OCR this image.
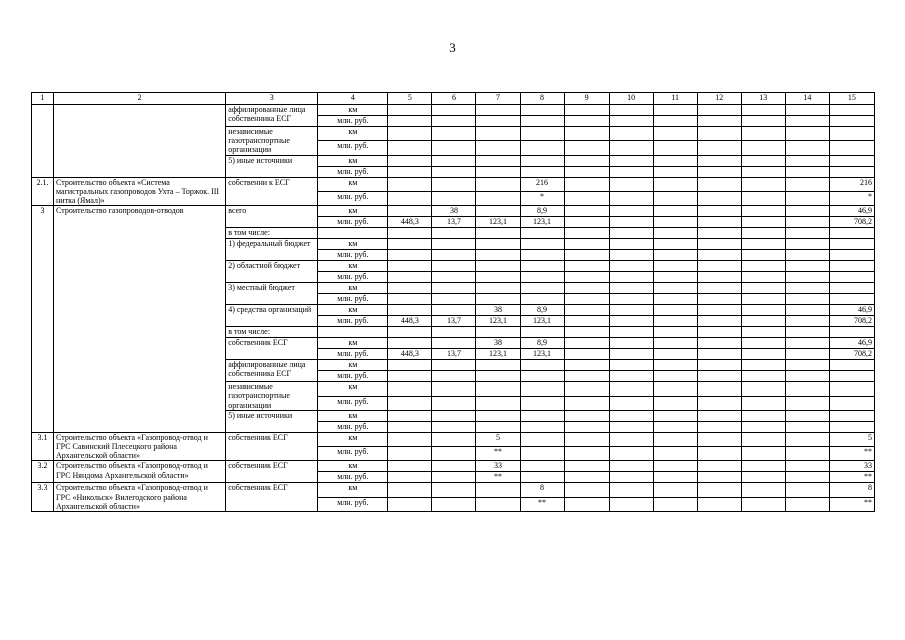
3
1	2	3	4	5	6	7	8	9	10	11	12	13	14	15
		аффилированные лица собственника ЕСГ	км											
			млн. руб.											
		независимые газотранспортные организации	км											
			млн. руб.											
		5) иные источники	км											
			млн. руб.											
2.1.	Строительство объекта «Система магистральных газопроводов Ухта – Торжок. III нитка (Ямал)»	собственни к ЕСГ	км				216							216
			млн. руб.				*							*
3	Строительство газопроводов-отводов	всего	км		38		8,9							46,9
			млн. руб.	448,3	13,7	123,1	123,1							708,2
		в том числе:												
		1) федеральный бюджет	км											
			млн. руб.											
		2) областной бюджет	км											
			млн. руб.											
		3) местный бюджет	км											
			млн. руб.											
		4) средства организаций	км			38	8,9							46,9
			млн. руб.	448,3	13,7	123,1	123,1							708,2
		в том числе:												
		собственник ЕСГ	км			38	8,9							46,9
			млн. руб.	448,3	13,7	123,1	123,1							708,2
		аффилированные лица собственника ЕСГ	км											
			млн. руб.											
		независимые газотранспортные организации	км											
			млн. руб.											
		5) иные источники	км											
			млн. руб.											
3.1	Строительство объекта «Газопровод-отвод и ГРС Савинский Плесецкого района Архангельской области»	собственник ЕСГ	км			5								5
			млн. руб.			**								**
3.2	Строительство объекта «Газопровод-отвод и ГРС Няндома Архангельской области»	собственник ЕСГ	км			33								33
			млн. руб.			**								**
3.3	Строительство объекта «Газопровод-отвод и ГРС «Никольск» Вилегодского района Архангельской области»	собственник ЕСГ	км				8							8
			млн. руб.				**							**
